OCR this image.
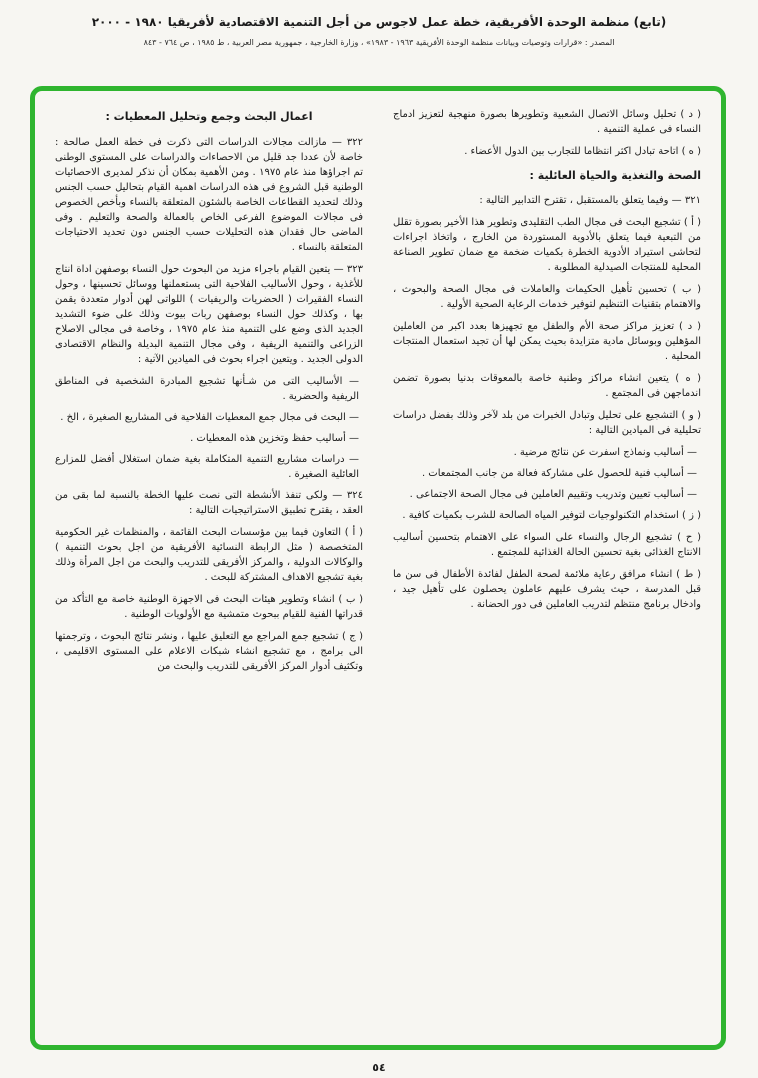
(تابع) منظمة الوحدة الأفريقية، خطة عمل لاجوس من أجل التنمية الاقتصادية لأفريقيا ١٩٨٠ - ٢٠٠٠
المصدر : «قرارات وتوصيات وبيانات منظمة الوحدة الأفريقية ١٩٦٣ - ١٩٨٣» ، وزارة الخارجية ، جمهورية مصر العربية ، ط ١٩٨٥ ، ص ٧٦٤ - ٨٤٣
( د ) تحليل وسائل الاتصال الشعبية وتطويرها بصورة منهجية لتعزيز ادماج النساء فى عملية التنمية .
( ه ) اتاحة تبادل اكثر انتظاما للتجارب بين الدول الأعضاء .
الصحة والتغذية والحياة العائلية :
٣٢١ — وفيما يتعلق بالمستقبل ، تقترح التدابير التالية :
( أ ) تشجيع البحث فى مجال الطب التقليدى وتطوير هذا الأخير بصورة تقلل من التبعية فيما يتعلق بالأدوية المستوردة من الخارج ، واتخاذ اجراءات لتحاشى استيراد الأدوية الخطرة بكميات ضخمة مع ضمان تطوير الصناعة المحلية للمنتجات الصيدلية المطلوبة .
( ب ) تحسين تأهيل الحكيمات والعاملات فى مجال الصحة والبحوث ، والاهتمام بتقنيات التنظيم لتوفير خدمات الرعاية الصحية الأولية .
( د ) تعزيز مراكز صحة الأم والطفل مع تجهيزها بعدد اكبر من العاملين المؤهلين وبوسائل مادية متزايدة بحيث يمكن لها أن تجيد استعمال المنتجات المحلية .
( ه ) يتعين انشاء مراكز وطنية خاصة بالمعوقات بدنيا بصورة تضمن اندماجهن فى المجتمع .
( و ) التشجيع على تحليل وتبادل الخبرات من بلد لآخر وذلك بفضل دراسات تحليلية فى الميادين التالية :
— أساليب ونماذج اسفرت عن نتائج مرضية .
— أساليب فنية للحصول على مشاركة فعالة من جانب المجتمعات .
— أساليب تعيين وتدريب وتقييم العاملين فى مجال الصحة الاجتماعى .
( ز ) استخدام التكنولوجيات لتوفير المياه الصالحة للشرب بكميات كافية .
( ح ) تشجيع الرجال والنساء على السواء على الاهتمام بتحسين أساليب الانتاج الغذائى بغية تحسين الحالة الغذائية للمجتمع .
( ط ) انشاء مرافق رعاية ملائمة لصحة الطفل لفائدة الأطفال فى سن ما قبل المدرسة ، حيث يشرف عليهم عاملون يحصلون على تأهيل جيد ، وادخال برنامج منتظم لتدريب العاملين فى دور الحضانة .
اعمال البحث وجمع وتحليل المعطيات :
٣٢٢ — مازالت مجالات الدراسات التى ذكرت فى خطة العمل صالحة : خاصة لأن عددا جد قليل من الاحصاءات والدراسات على المستوى الوطنى تم اجراؤها منذ عام ١٩٧٥ . ومن الأهمية بمكان أن نذكر لمديرى الاحصائيات الوطنية قبل الشروع فى هذه الدراسات اهمية القيام بتحاليل حسب الجنس وذلك لتحديد القطاعات الخاصة بالشئون المتعلقة بالنساء وبأخص الخصوص فى مجالات الموضوع الفرعى الخاص بالعمالة والصحة والتعليم . وفى الماضى حال فقدان هذه التحليلات حسب الجنس دون تحديد الاحتياجات المتعلقة بالنساء .
٣٢٣ — يتعين القيام باجراء مزيد من البحوث حول النساء بوصفهن اداة انتاج للأغذية ، وحول الأساليب الفلاحية التى يستعملنها ووسائل تحسينها ، وحول النساء الفقيرات ( الحضريات والريفيات ) اللواتى لهن أدوار متعددة يقمن بها ، وكذلك حول النساء بوصفهن ربات بيوت وذلك على ضوء التشديد الجديد الذى وضع على التنمية منذ عام ١٩٧٥ ، وخاصة فى مجالى الاصلاح الزراعى والتنمية الريفية ، وفى مجال التنمية البديلة والنظام الاقتصادى الدولى الجديد . ويتعين اجراء بحوث فى الميادين الآتية :
— الأساليب التى من شـأنها تشجيع المبادرة الشخصية فى المناطق الريفية والحضرية .
— البحث فى مجال جمع المعطيات الفلاحية فى المشاريع الصغيرة ، الخ .
— أساليب حفظ وتخزين هذه المعطيات .
— دراسات مشاريع التنمية المتكاملة بغية ضمان استغلال أفضل للمزارع العائلية الصغيرة .
٣٢٤ — ولكى تنفذ الأنشطة التى نصت عليها الخطة بالنسبة لما بقى من العقد ، يقترح تطبيق الاستراتيجيات التالية :
( أ ) التعاون فيما بين مؤسسات البحث القائمة ، والمنظمات غير الحكومية المتخصصة ( مثل الرابطة النسائية الأفريقية من اجل بحوث التنمية ) والوكالات الدولية ، والمركز الأفريقى للتدريب والبحث من اجل المرأة وذلك بغية تشجيع الاهداف المشتركة للبحث .
( ب ) انشاء وتطوير هيئات البحث فى الاجهزة الوطنية خاصة مع التأكد من قدراتها الفنية للقيام ببحوث متمشية مع الأولويات الوطنية .
( ج ) تشجيع جمع المراجع مع التعليق عليها ، ونشر نتائج البحوث ، وترجمتها الى برامج ، مع تشجيع انشاء شبكات الاعلام على المستوى الاقليمى ، وتكثيف أدوار المركز الأفريقى للتدريب والبحث من
٥٤
